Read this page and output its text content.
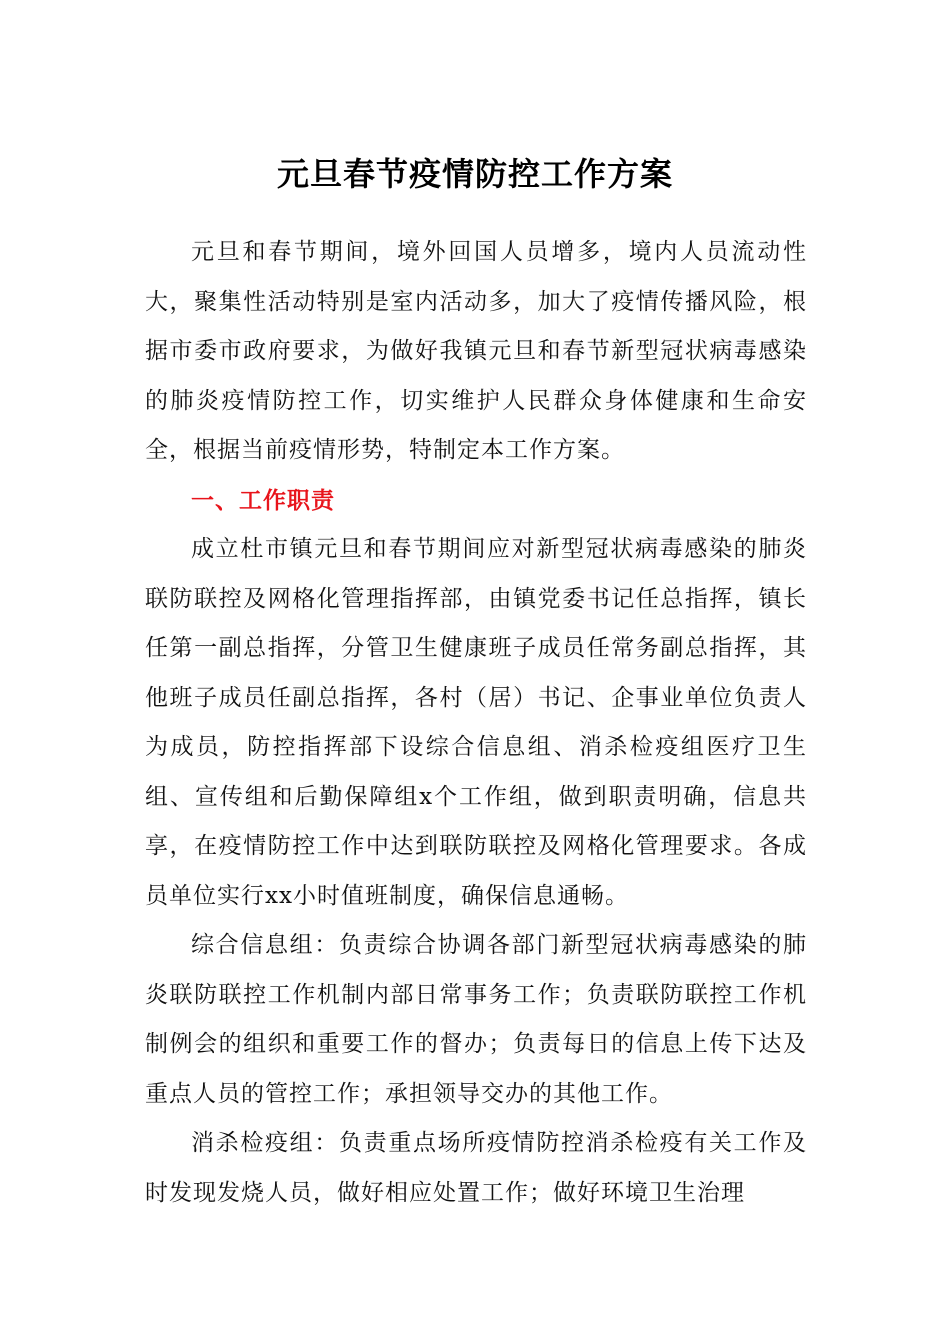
元旦春节疫情防控工作方案

元旦和春节期间，境外回国人员增多，境内人员流动性大，聚集性活动特别是室内活动多，加大了疫情传播风险，根据市委市政府要求，为做好我镇元旦和春节新型冠状病毒感染的肺炎疫情防控工作，切实维护人民群众身体健康和生命安全，根据当前疫情形势，特制定本工作方案。

一、工作职责

成立杜市镇元旦和春节期间应对新型冠状病毒感染的肺炎联防联控及网格化管理指挥部，由镇党委书记任总指挥，镇长任第一副总指挥，分管卫生健康班子成员任常务副总指挥，其他班子成员任副总指挥，各村（居）书记、企事业单位负责人为成员，防控指挥部下设综合信息组、消杀检疫组医疗卫生组、宣传组和后勤保障组x个工作组，做到职责明确，信息共享，在疫情防控工作中达到联防联控及网格化管理要求。各成员单位实行xx小时值班制度，确保信息通畅。

综合信息组：负责综合协调各部门新型冠状病毒感染的肺炎联防联控工作机制内部日常事务工作；负责联防联控工作机制例会的组织和重要工作的督办；负责每日的信息上传下达及重点人员的管控工作；承担领导交办的其他工作。

消杀检疫组：负责重点场所疫情防控消杀检疫有关工作及时发现发烧人员，做好相应处置工作；做好环境卫生治理
